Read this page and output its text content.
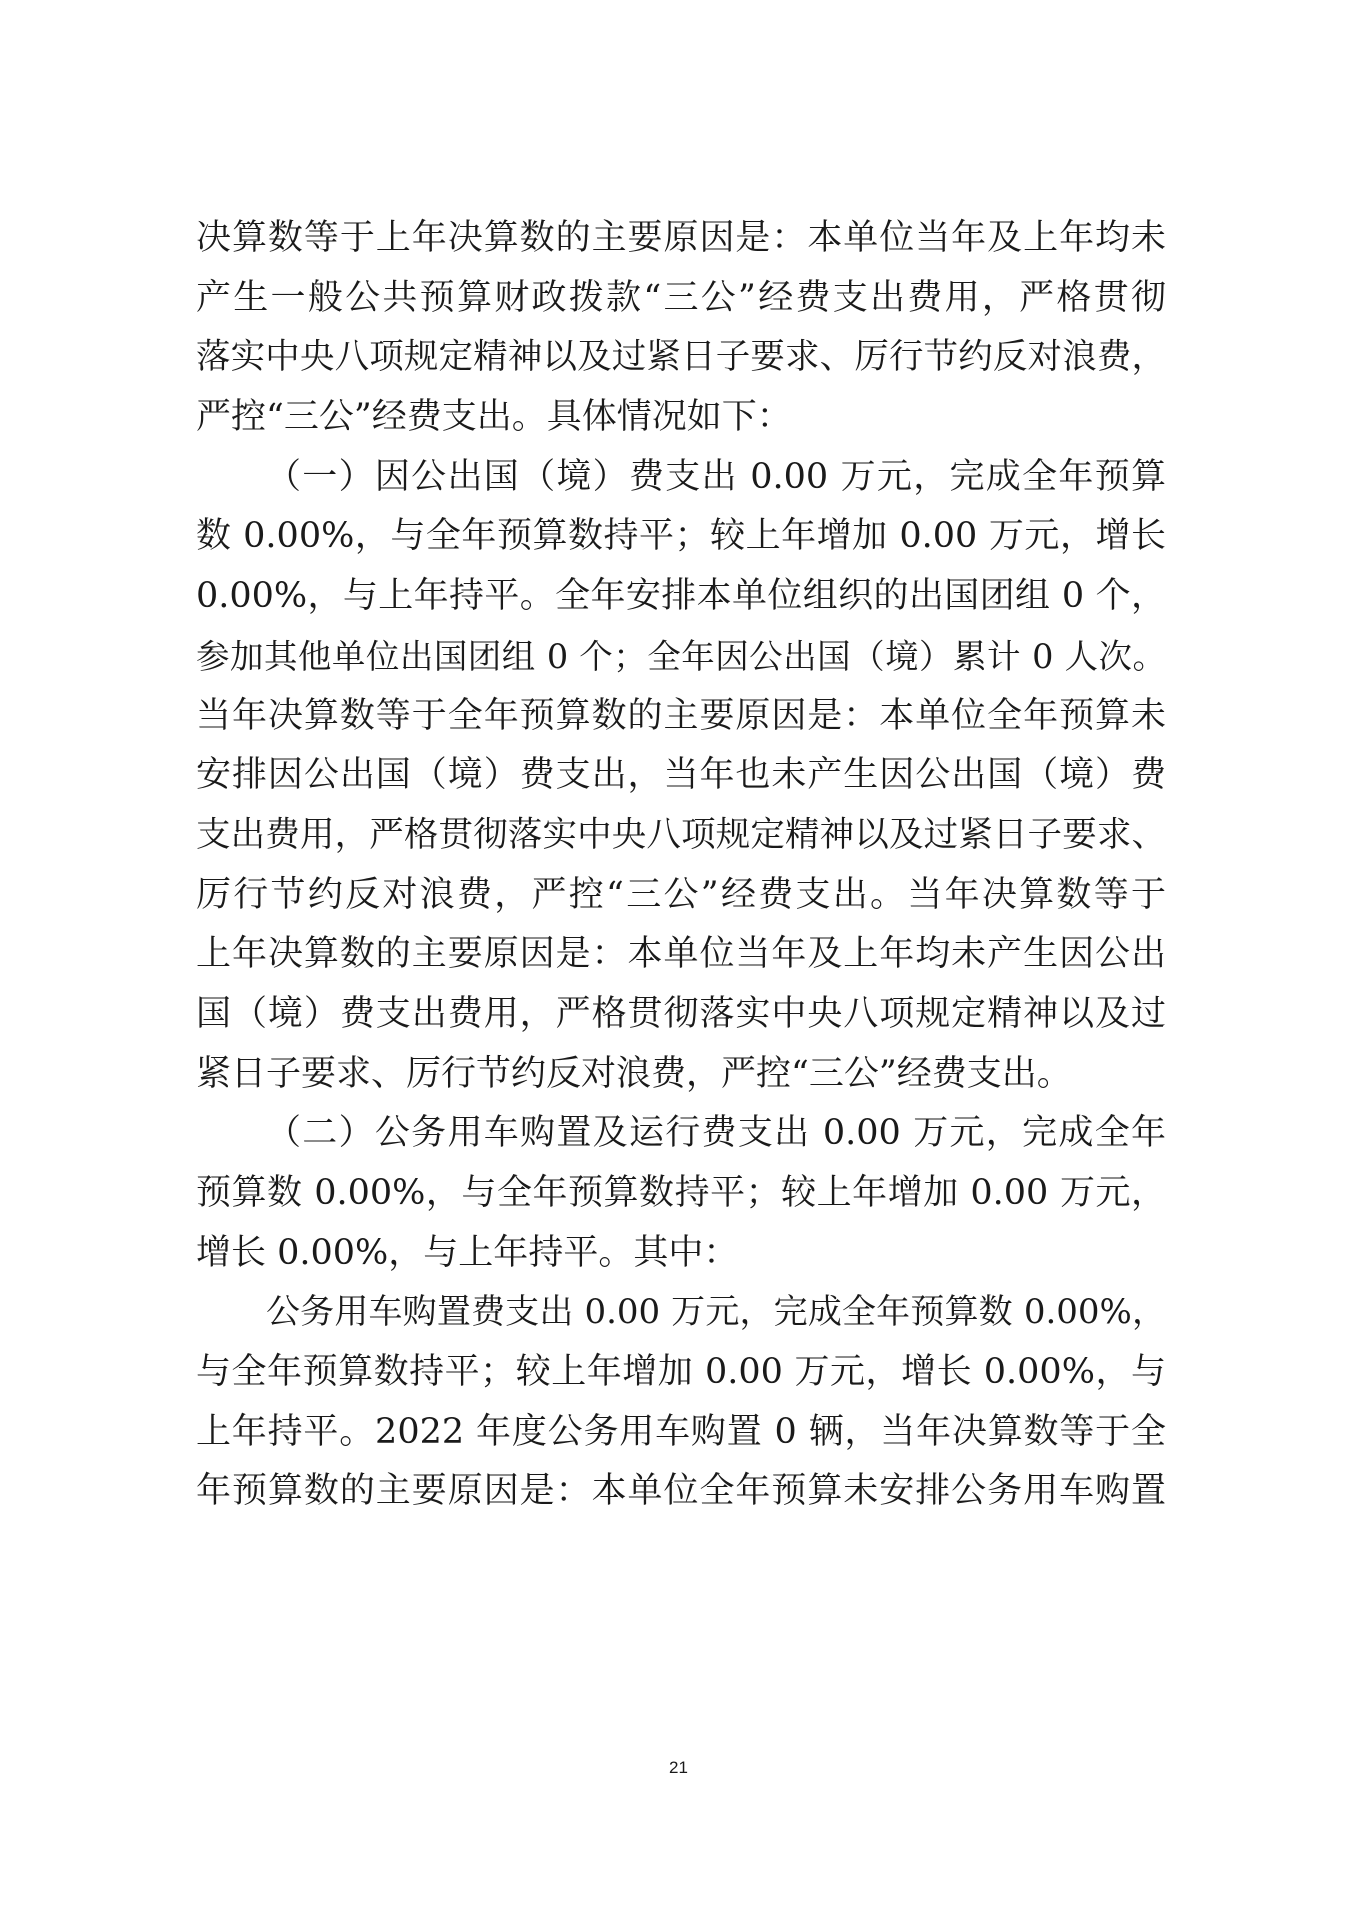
决算数等于上年决算数的主要原因是：本单位当年及上年均未
产生一般公共预算财政拨款“三公”经费支出费用，严格贯彻
落实中央八项规定精神以及过紧日子要求、厉行节约反对浪费，
严控“三公”经费支出。具体情况如下：
（一）因公出国（境）费支出 0.00 万元，完成全年预算
数 0.00%，与全年预算数持平；较上年增加 0.00 万元，增长
0.00%，与上年持平。全年安排本单位组织的出国团组 0 个，
参加其他单位出国团组 0 个；全年因公出国（境）累计 0 人次。
当年决算数等于全年预算数的主要原因是：本单位全年预算未
安排因公出国（境）费支出，当年也未产生因公出国（境）费
支出费用，严格贯彻落实中央八项规定精神以及过紧日子要求、
厉行节约反对浪费，严控“三公”经费支出。当年决算数等于
上年决算数的主要原因是：本单位当年及上年均未产生因公出
国（境）费支出费用，严格贯彻落实中央八项规定精神以及过
紧日子要求、厉行节约反对浪费，严控“三公”经费支出。
（二）公务用车购置及运行费支出 0.00 万元，完成全年
预算数 0.00%，与全年预算数持平；较上年增加 0.00 万元，
增长 0.00%，与上年持平。其中：
公务用车购置费支出 0.00 万元，完成全年预算数 0.00%，
与全年预算数持平；较上年增加 0.00 万元，增长 0.00%，与
上年持平。2022 年度公务用车购置 0 辆，当年决算数等于全
年预算数的主要原因是：本单位全年预算未安排公务用车购置
21
